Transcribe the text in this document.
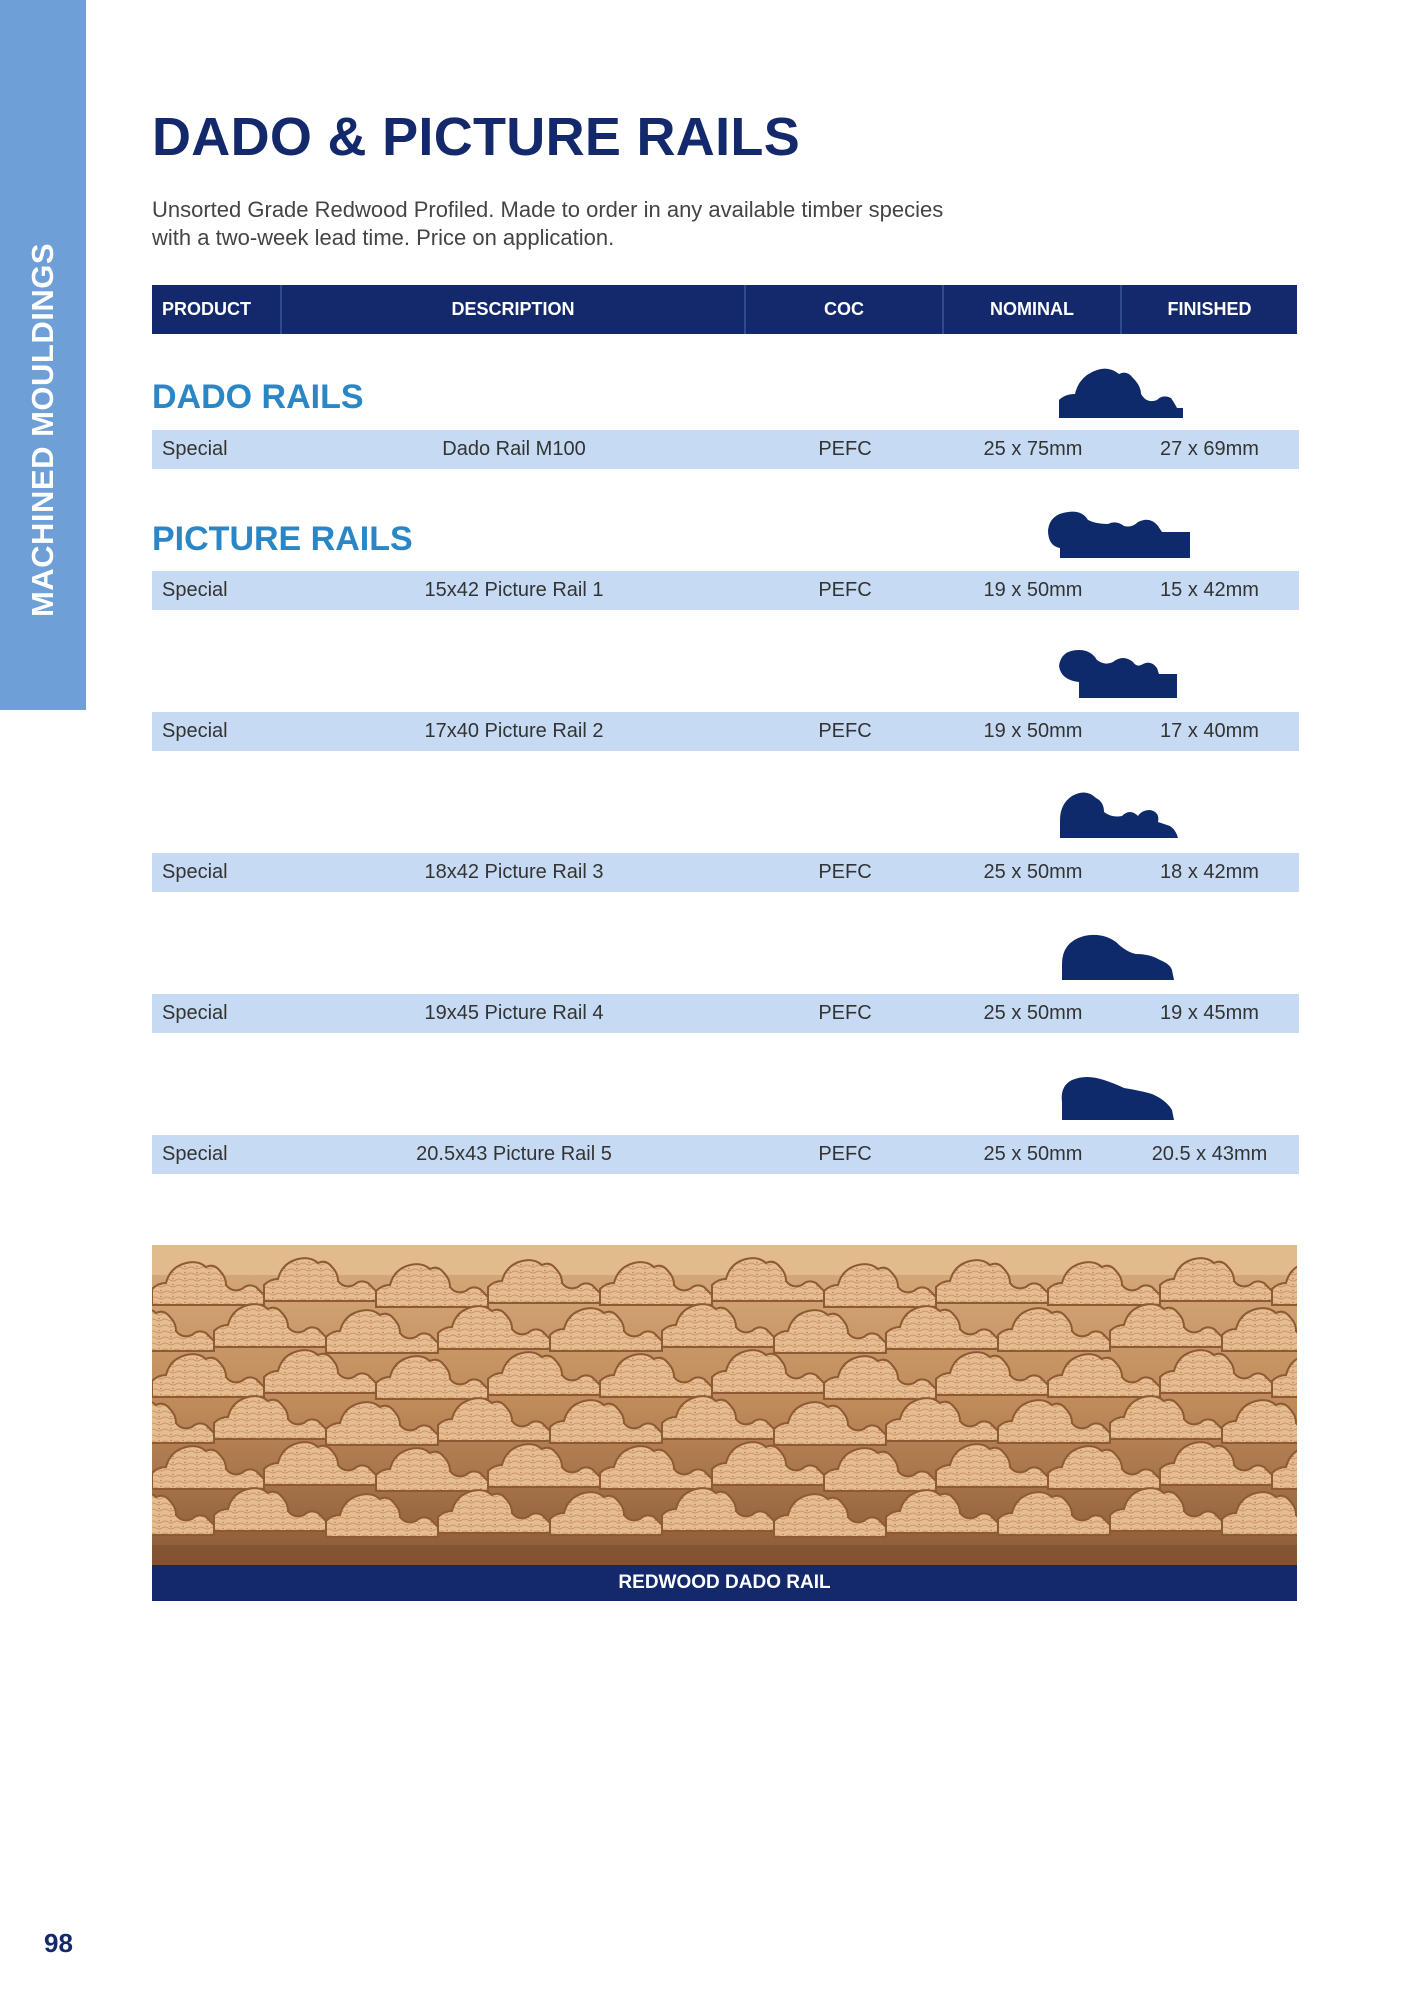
MACHINED MOULDINGS
DADO & PICTURE RAILS

Unsorted Grade Redwood Profiled. Made to order in any available timber species with a two-week lead time. Price on application.

PRODUCT	DESCRIPTION	COC	NOMINAL	FINISHED
DADO RAILS
Special	Dado Rail M100	PEFC	25 x 75mm	27 x 69mm
PICTURE RAILS
Special	15x42 Picture Rail 1	PEFC	19 x 50mm	15 x 42mm
Special	17x40 Picture Rail 2	PEFC	19 x 50mm	17 x 40mm
Special	18x42 Picture Rail 3	PEFC	25 x 50mm	18 x 42mm
Special	19x45 Picture Rail 4	PEFC	25 x 50mm	19 x 45mm
Special	20.5x43 Picture Rail 5	PEFC	25 x 50mm	20.5 x 43mm
REDWOOD DADO RAIL
98
